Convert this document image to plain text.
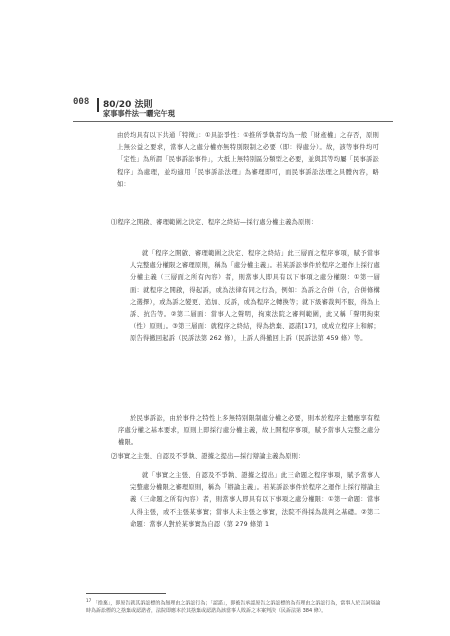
008 80/20 法則
家事事件法一曬完午現

由於均具有以下共通「特徵」：①具訟爭性：①推所爭執者均為一般「財產權」之存否，原則上無公益之要求，當事人之處分權亦無特別限制之必要（即：得處分）。故，該等事件均可「定性」為所謂「民事訴訟事件」，大抵上無特別區分類型之必要，並與其等均屬「民事訴訟程序」為處理，並均適用「民事訴訟法理」為審理即可，而民事訴訟法理之具體內容，略如：

⑴程序之開啟、審理範圍之決定、程序之終結—採行處分權主義為原則：

就「程序之開啟、審理範圍之決定、程序之終結」此三層面之程序事項，賦予當事人完整處分權限之審理原則，稱為「處分權主義」。若某訴訟事件於程序之運作上採行處分權主義（三層面之所有內容）者，則當事人即具有以下事項之處分權限：①第一層面：就程序之開啟，得起訴，或為法律有同之行為，例如：為訴之合併（合，合併條構之選擇），或為訴之變更、追加、反訴，或為程序之轉換等；就下級審裁判不服，得為上訴、抗告等。②第二層面：當事人之聲明，拘束法院之審判範圍，此又稱「聲明拘束（性）原則」。③第三層面：就程序之終結，得為捨棄、認諾[17]，或成立程序上和解；原告得撤回起訴（民訴法第 262 條），上訴人得撤回上訴（民訴法第 459 條）等。

於民事訴訟，由於事件之特性上多無特別限制處分權之必要，則本於程序主體應享有程序處分權之基本要求，原則上即採行處分權主義，故上開程序事項，賦予當事人完整之處分權限。

⑵事實之主張、自認及不爭執、證據之提出—採行辯論主義為原則：

就「事實之主張、自認及不爭執、證據之提出」此三命題之程序事項，賦予當事人完整處分權限之審理原則，稱為「辯論主義」。若某訴訟事件於程序之運作上採行辯論主義（三命題之所有內容）者，則當事人即具有以下事項之處分權限：①第一命題：當事人得主張，或不主張某事實；當事人未主張之事實，法院不得採為裁判之基礎。②第二命題：當事人對於某事實為自認（第 279 條第 1

$^{17}$ 「捨棄」，即原告就其訴訟標的為無理由之訴訟行為；「認諾」，即被告承認原告之訴訟標的為有理由之訴訟行為，當事人於言詞辯論時為訴訟標的之捨棄或認諾者，法院即應本於其捨棄或認諾為該當事人敗訴之本案判決（民訴法第 384 條）。
